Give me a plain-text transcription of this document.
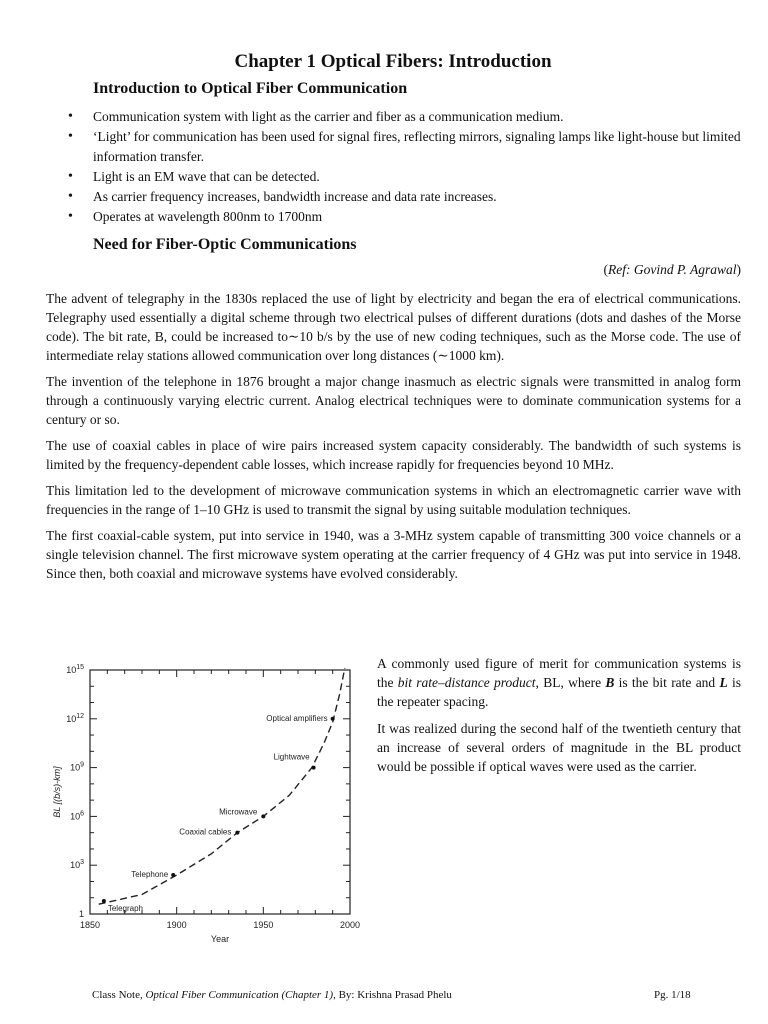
Chapter 1 Optical Fibers: Introduction
Introduction to Optical Fiber Communication
• Communication system with light as the carrier and fiber as a communication medium.
• ‘Light’ for communication has been used for signal fires, reflecting mirrors, signaling lamps like light-house but limited information transfer.
• Light is an EM wave that can be detected.
• As carrier frequency increases, bandwidth increase and data rate increases.
• Operates at wavelength 800nm to 1700nm
Need for Fiber-Optic Communications
(Ref: Govind P. Agrawal)

The advent of telegraphy in the 1830s replaced the use of light by electricity and began the era of electrical communications. Telegraphy used essentially a digital scheme through two electrical pulses of different durations (dots and dashes of the Morse code). The bit rate, B, could be increased to∼10 b/s by the use of new coding techniques, such as the Morse code. The use of intermediate relay stations allowed communication over long distances (∼1000 km).

The invention of the telephone in 1876 brought a major change inasmuch as electric signals were transmitted in analog form through a continuously varying electric current. Analog electrical techniques were to dominate communication systems for a century or so.

The use of coaxial cables in place of wire pairs increased system capacity considerably. The bandwidth of such systems is limited by the frequency-dependent cable losses, which increase rapidly for frequencies beyond 10 MHz.

This limitation led to the development of microwave communication systems in which an electromagnetic carrier wave with frequencies in the range of 1–10 GHz is used to transmit the signal by using suitable modulation techniques.

The first coaxial-cable system, put into service in 1940, was a 3-MHz system capable of transmitting 300 voice channels or a single television channel. The first microwave system operating at the carrier frequency of 4 GHz was put into service in 1948. Since then, both coaxial and microwave systems have evolved considerably.

1850	1900	1950	2000
1
$10^3$
$10^6$
$10^9$
$10^{12}$
$10^{15}$
Year
BL [(b/s)-km]
Telegraph
Telephone
Coaxial cables
Microwave
Lightwave
Optical amplifiers

A commonly used figure of merit for communication systems is the bit rate–distance product, BL, where B is the bit rate and L is the repeater spacing.

It was realized during the second half of the twentieth century that an increase of several orders of magnitude in the BL product would be possible if optical waves were used as the carrier.

Class Note, Optical Fiber Communication (Chapter 1), By: Krishna Prasad Phelu	Pg. 1/18
